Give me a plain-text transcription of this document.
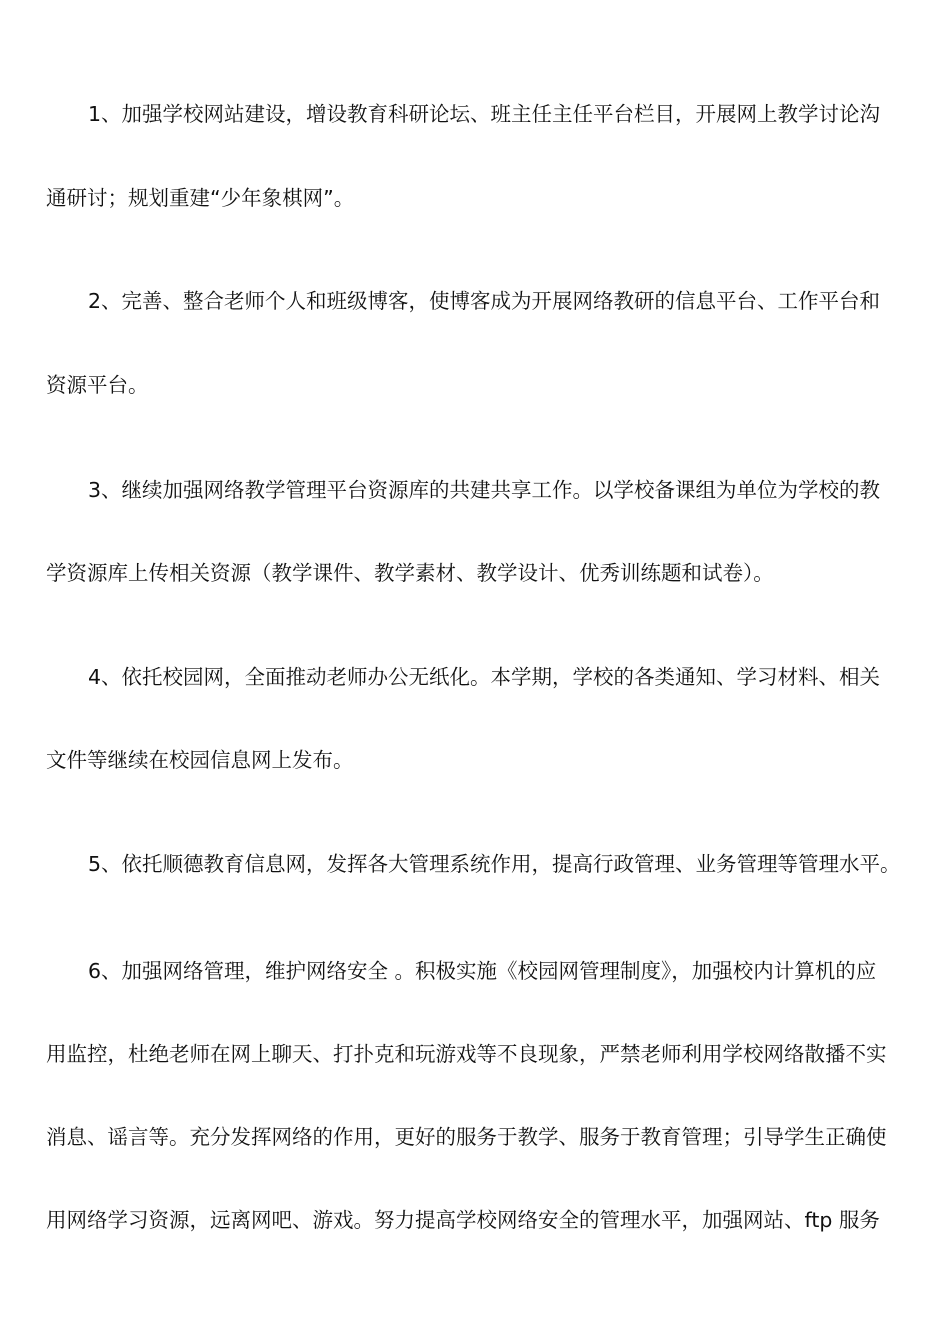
1、加强学校网站建设，增设教育科研论坛、班主任主任平台栏目，开展网上教学讨论沟
通研讨；规划重建“少年象棋网”。
2、完善、整合老师个人和班级博客，使博客成为开展网络教研的信息平台、工作平台和
资源平台。
3、继续加强网络教学管理平台资源库的共建共享工作。以学校备课组为单位为学校的教
学资源库上传相关资源（教学课件、教学素材、教学设计、优秀训练题和试卷）。
4、依托校园网，全面推动老师办公无纸化。本学期，学校的各类通知、学习材料、相关
文件等继续在校园信息网上发布。
5、依托顺德教育信息网，发挥各大管理系统作用，提高行政管理、业务管理等管理水平。
6、加强网络管理，维护网络安全 。积极实施《校园网管理制度》，加强校内计算机的应
用监控，杜绝老师在网上聊天、打扑克和玩游戏等不良现象，严禁老师利用学校网络散播不实
消息、谣言等。充分发挥网络的作用，更好的服务于教学、服务于教育管理；引导学生正确使
用网络学习资源，远离网吧、游戏。努力提高学校网络安全的管理水平，加强网站、ftp 服务
